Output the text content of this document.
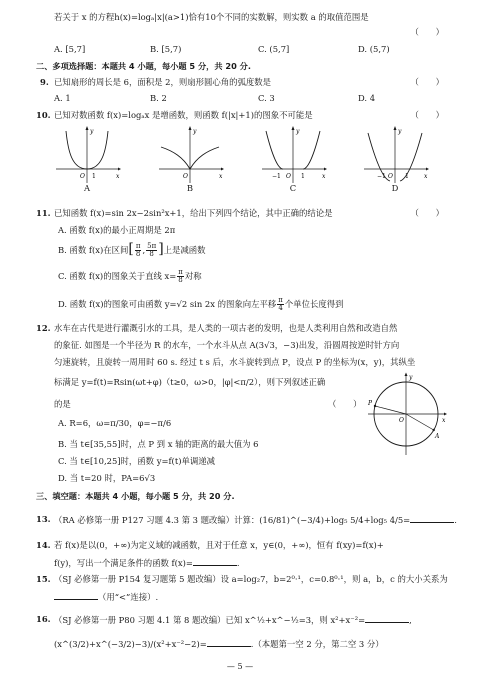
若关于 x 的方程h(x)=logₐ|x|(a>1)恰有10个不同的实数解，则实数 a 的取值范围是
（　　）
A. [5,7]	B. [5,7)	C. (5,7]	D. (5,7)
二、多项选择题：本题共 4 小题，每小题 5 分，共 20 分.
9. 已知扇形的周长是 6，面积是 2，则扇形圆心角的弧度数是	（　　）
A. 1	B. 2	C. 3	D. 4
10. 已知对数函数 f(x)=logₐx 是增函数，则函数 f(|x|+1)的图象不可能是	（　　）
O 1	x
y
A
O	x
y
B
−1 O 1	x
y
C
−1 O 1	x
y
D
11. 已知函数 f(x)=sin 2x−2sin²x+1，给出下列四个结论，其中正确的结论是	（　　）
A. 函数 f(x)的最小正周期是 2π
B. 函数 f(x)在区间[ $\frac{\pi}{8}$ , $\frac{5\pi}{8}$ ]上是减函数
C. 函数 f(x)的图象关于直线 $x= \frac{\pi}{8}$ 对称
D. 函数 f(x)的图象可由函数 y=√2 sin 2x 的图象向左平移 $\frac{\pi}{4}$ 个单位长度得到
12. 水车在古代是进行灌溉引水的工具，是人类的一项古老的发明，也是人类利用自然和改造自然
的象征. 如图是一个半径为 R 的水车，一个水斗从点 A(3√3，−3)出发，沿圆周按逆时针方向
匀速旋转，且旋转一周用时 60 s. 经过 t s 后，水斗旋转到点 P，设点 P 的坐标为(x，y)，其纵坐
标满足 y=f(t)=Rsin(ωt+φ)（t≥0，ω>0，|φ|<π/2），则下列叙述正确
的是	（　　）
A. R=6，ω=π/30，φ=−π/6
B. 当 t∈[35,55]时，点 P 到 x 轴的距离的最大值为 6
C. 当 t∈[10,25]时，函数 y=f(t)单调递减
D. 当 t=20 时，PA=6√3
O	x
y
A
P
三、填空题：本题共 4 小题，每小题 5 分，共 20 分.
13. （RA 必修第一册 P127 习题 4.3 第 3 题改编）计算：(16/81)^(−3/4)+log₅ 5/4+log₅ 4/5=	.
14. 若 f(x)是以(0，+∞)为定义域的减函数，且对于任意 x，y∈(0，+∞)，恒有 f(xy)=f(x)+
f(y)，写出一个满足条件的函数 f(x)=	.
15. （SJ 必修第一册 P154 复习题第 5 题改编）设 a=log₂7，b=2⁰·¹，c=0.8⁰·¹，则 a，b，c 的大小关系为
（用“<”连接）.
16. （SJ 必修第一册 P80 习题 4.1 第 8 题改编）已知 x^½+x^−½=3，则 x²+x⁻²=	,
(x^(3/2)+x^(−3/2)−3)/(x²+x⁻²−2)=	.（本题第一空 2 分，第二空 3 分）
— 5 —
